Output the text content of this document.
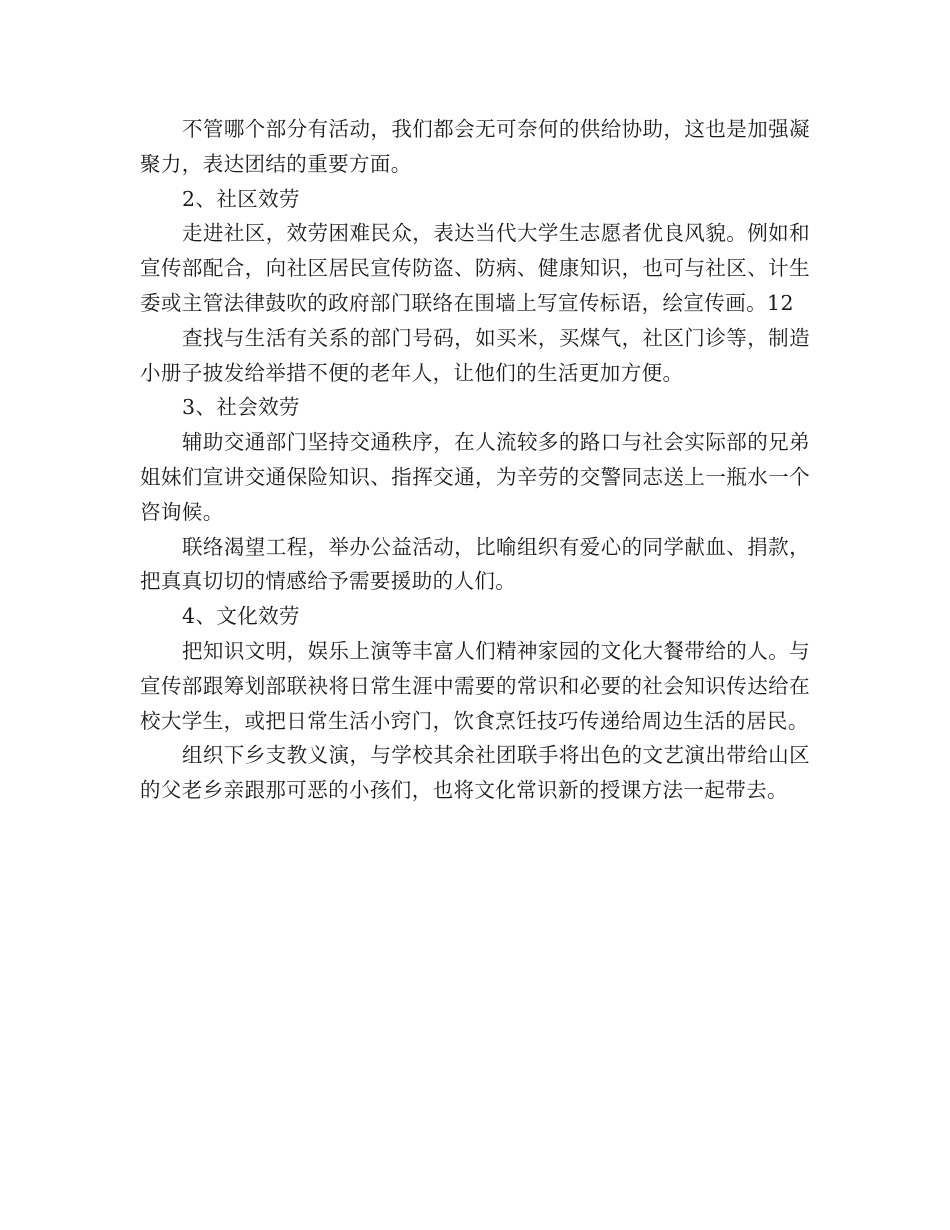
不管哪个部分有活动，我们都会无可奈何的供给协助，这也是加强凝聚力，表达团结的重要方面。

2、社区效劳

走进社区，效劳困难民众，表达当代大学生志愿者优良风貌。例如和宣传部配合，向社区居民宣传防盗、防病、健康知识，也可与社区、计生委或主管法律鼓吹的政府部门联络在围墙上写宣传标语，绘宣传画。12

查找与生活有关系的部门号码，如买米，买煤气，社区门诊等，制造小册子披发给举措不便的老年人，让他们的生活更加方便。

3、社会效劳

辅助交通部门坚持交通秩序，在人流较多的路口与社会实际部的兄弟姐妹们宣讲交通保险知识、指挥交通，为辛劳的交警同志送上一瓶水一个咨询候。

联络渴望工程，举办公益活动，比喻组织有爱心的同学献血、捐款，把真真切切的情感给予需要援助的人们。

4、文化效劳

把知识文明，娱乐上演等丰富人们精神家园的文化大餐带给的人。与宣传部跟筹划部联袂将日常生涯中需要的常识和必要的社会知识传达给在校大学生，或把日常生活小窍门，饮食烹饪技巧传递给周边生活的居民。

组织下乡支教义演，与学校其余社团联手将出色的文艺演出带给山区的父老乡亲跟那可恶的小孩们，也将文化常识新的授课方法一起带去。
